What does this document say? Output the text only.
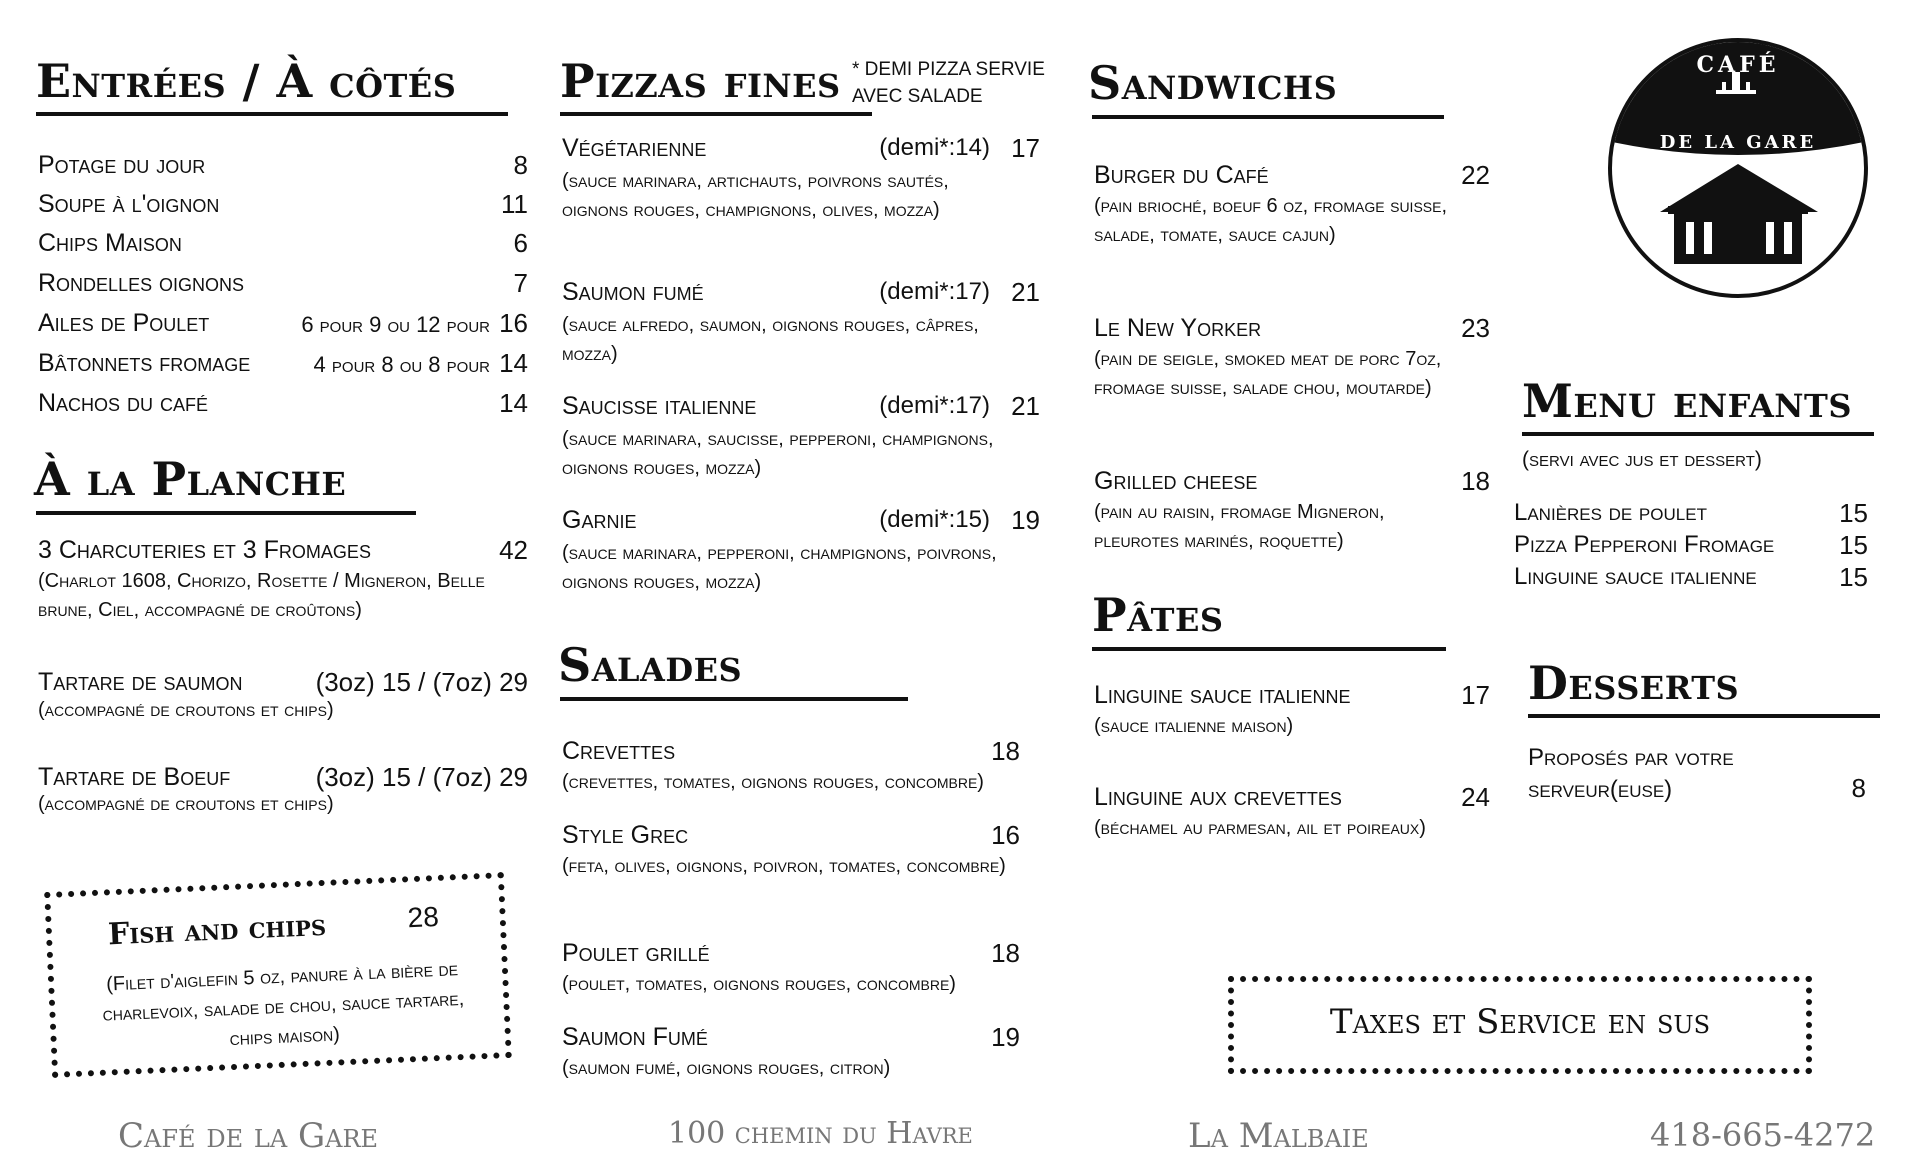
Entrées / À côtés
Potage du jour	8
Soupe à l'oignon	11
Chips Maison	6
Rondelles oignons	7
Ailes de Poulet	6 pour 9 ou 12 pour 16
Bâtonnets fromage	4 pour 8 ou 8 pour 14
Nachos du café	14
À la Planche
3 Charcuteries et 3 Fromages	42
(Charlot 1608, Chorizo, Rosette / Migneron, Belle brune, Ciel, accompagné de croûtons)
Tartare de saumon	(3oz) 15 / (7oz) 29
(accompagné de croutons et chips)
Tartare de Boeuf	(3oz) 15 / (7oz) 29
(accompagné de croutons et chips)
Fish and chips	28
(Filet d'aiglefin 5 oz, panure à la bière de charlevoix, salade de chou, sauce tartare, chips maison)
Pizzas fines * DEMI PIZZA SERVIE AVEC SALADE
Végétarienne	(demi*:14) 17
(sauce marinara, artichauts, poivrons sautés, oignons rouges, champignons, olives, mozza)
Saumon fumé	(demi*:17) 21
(sauce alfredo, saumon, oignons rouges, câpres, mozza)
Saucisse italienne	(demi*:17) 21
(sauce marinara, saucisse, pepperoni, champignons, oignons rouges, mozza)
Garnie	(demi*:15) 19
(sauce marinara, pepperoni, champignons, poivrons, oignons rouges, mozza)
Salades
Crevettes	18
(crevettes, tomates, oignons rouges, concombre)
Style Grec	16
(feta, olives, oignons, poivron, tomates, concombre)
Poulet grillé	18
(poulet, tomates, oignons rouges, concombre)
Saumon Fumé	19
(saumon fumé, oignons rouges, citron)
Sandwichs
Burger du Café	22
(pain brioché, boeuf 6 oz, fromage suisse, salade, tomate, sauce cajun)
Le New Yorker	23
(pain de seigle, smoked meat de porc 7oz, fromage suisse, salade chou, moutarde)
Grilled cheese	18
(pain au raisin, fromage Migneron, pleurotes marinés, roquette)
Pâtes
Linguine sauce italienne	17
(sauce italienne maison)
Linguine aux crevettes	24
(béchamel au parmesan, ail et poireaux)
Taxes et Service en sus
CAFÉ
DE LA GARE
Menu enfants
(servi avec jus et dessert)
Lanières de poulet	15
Pizza Pepperoni Fromage	15
Linguine sauce italienne	15
Desserts
Proposés par votre serveur(euse)	8
Café de la Gare	100 chemin du Havre	La Malbaie	418-665-4272
